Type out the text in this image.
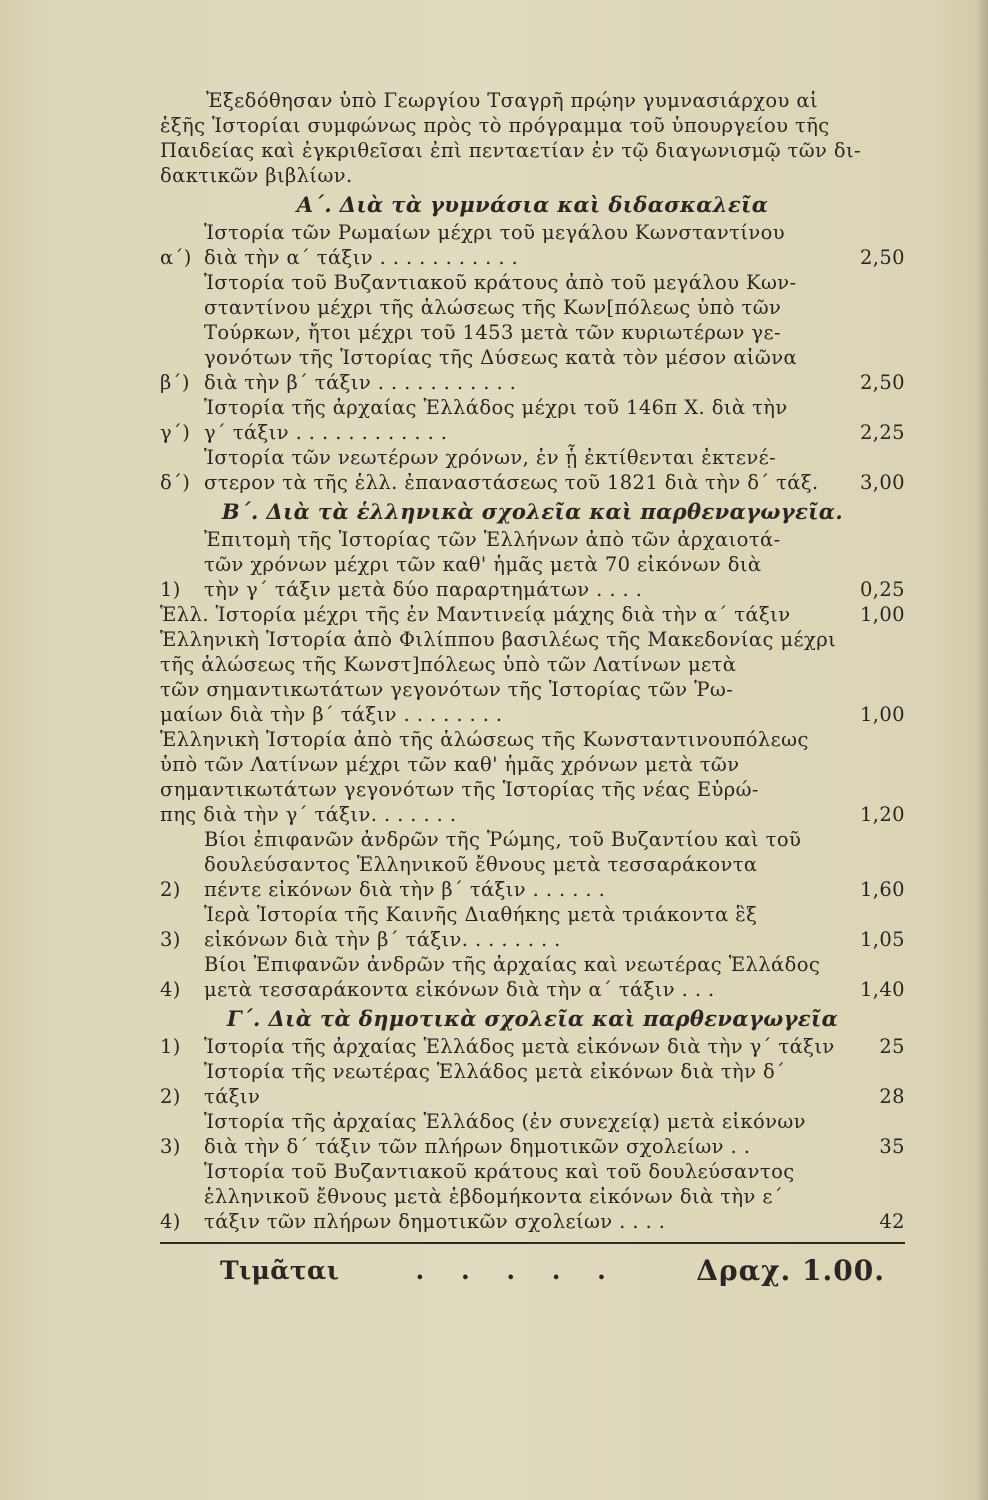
Ἐξεδόθησαν ὑπὸ Γεωργίου Τσαγρῆ πρῴην γυμνασιάρχου αἱ
ἑξῆς Ἱστορίαι συμφώνως πρὸς τὸ πρόγραμμα τοῦ ὑπουργείου τῆς
Παιδείας καὶ ἐγκριθεῖσαι ἐπὶ πενταετίαν ἐν τῷ διαγωνισμῷ τῶν δι-
δακτικῶν βιβλίων.

Α΄. Διὰ τὰ γυμνάσια καὶ διδασκαλεῖα

α΄)
Ἱστορία τῶν Ρωμαίων μέχρι τοῦ μεγάλου Κωνσταντίνου
διὰ τὴν α΄ τάξιν . . . . . . . . . . .	2,50
β΄)
Ἱστορία τοῦ Βυζαντιακοῦ κράτους ἀπὸ τοῦ μεγάλου Κων-
σταντίνου μέχρι τῆς ἁλώσεως τῆς Κων[πόλεως ὑπὸ τῶν
Τούρκων, ἤτοι μέχρι τοῦ 1453 μετὰ τῶν κυριωτέρων γε-
γονότων τῆς Ἱστορίας τῆς Δύσεως κατὰ τὸν μέσον αἰῶνα
διὰ τὴν β΄ τάξιν . . . . . . . . . . .	2,50
γ΄)
Ἱστορία τῆς ἀρχαίας Ἑλλάδος μέχρι τοῦ 146π Χ. διὰ τὴν
γ΄ τάξιν . . . . . . . . . . . .	2,25
δ΄)
Ἱστορία τῶν νεωτέρων χρόνων, ἐν ᾗ ἐκτίθενται ἐκτενέ-
στερον τὰ τῆς ἑλλ. ἐπαναστάσεως τοῦ 1821 διὰ τὴν δ΄ τάξ.	3,00

Β΄. Διὰ τὰ ἑλληνικὰ σχολεῖα καὶ παρθεναγωγεῖα.

1)
Ἐπιτομὴ τῆς Ἱστορίας τῶν Ἑλλήνων ἀπὸ τῶν ἀρχαιοτά-
τῶν χρόνων μέχρι τῶν καθ' ἡμᾶς μετὰ 70 εἰκόνων διὰ
τὴν γ΄ τάξιν μετὰ δύο παραρτημάτων . . . .	0,25
Ἑλλ. Ἱστορία μέχρι τῆς ἐν Μαντινείᾳ μάχης διὰ τὴν α΄ τάξιν	1,00
Ἑλληνικὴ Ἱστορία ἀπὸ Φιλίππου βασιλέως τῆς Μακεδονίας μέχρι
τῆς ἁλώσεως τῆς Κωνστ]πόλεως ὑπὸ τῶν Λατίνων μετὰ
τῶν σημαντικωτάτων γεγονότων τῆς Ἱστορίας τῶν Ῥω-
μαίων διὰ τὴν β΄ τάξιν . . . . . . . .	1,00
Ἑλληνικὴ Ἱστορία ἀπὸ τῆς ἁλώσεως τῆς Κωνσταντινουπόλεως
ὑπὸ τῶν Λατίνων μέχρι τῶν καθ' ἡμᾶς χρόνων μετὰ τῶν
σημαντικωτάτων γεγονότων τῆς Ἱστορίας τῆς νέας Εὐρώ-
πης διὰ τὴν γ΄ τάξιν. . . . . . .	1,20
2)
Βίοι ἐπιφανῶν ἀνδρῶν τῆς Ῥώμης, τοῦ Βυζαντίου καὶ τοῦ
δουλεύσαντος Ἑλληνικοῦ ἔθνους μετὰ τεσσαράκοντα
πέντε εἰκόνων διὰ τὴν β΄ τάξιν . . . . . .	1,60
3)
Ἱερὰ Ἱστορία τῆς Καινῆς Διαθήκης μετὰ τριάκοντα ἓξ
εἰκόνων διὰ τὴν β΄ τάξιν. . . . . . . .	1,05
4)
Βίοι Ἐπιφανῶν ἀνδρῶν τῆς ἀρχαίας καὶ νεωτέρας Ἑλλάδος
μετὰ τεσσαράκοντα εἰκόνων διὰ τὴν α΄ τάξιν . . .	1,40

Γ΄. Διὰ τὰ δημοτικὰ σχολεῖα καὶ παρθεναγωγεῖα

1)	Ἱστορία τῆς ἀρχαίας Ἑλλάδος μετὰ εἰκόνων διὰ τὴν γ΄ τάξιν	25
2)
Ἱστορία τῆς νεωτέρας Ἑλλάδος μετὰ εἰκόνων διὰ τὴν δ΄ τάξιν	28
3)
Ἱστορία τῆς ἀρχαίας Ἑλλάδος (ἐν συνεχείᾳ) μετὰ εἰκόνων
διὰ τὴν δ΄ τάξιν τῶν πλήρων δημοτικῶν σχολείων . .	35
4)
Ἱστορία τοῦ Βυζαντιακοῦ κράτους καὶ τοῦ δουλεύσαντος
ἑλληνικοῦ ἔθνους μετὰ ἑβδομήκοντα εἰκόνων διὰ τὴν ε΄
τάξιν τῶν πλήρων δημοτικῶν σχολείων . . . .	42
Τιμᾶται	. . . . .	Δραχ. 1.00.
